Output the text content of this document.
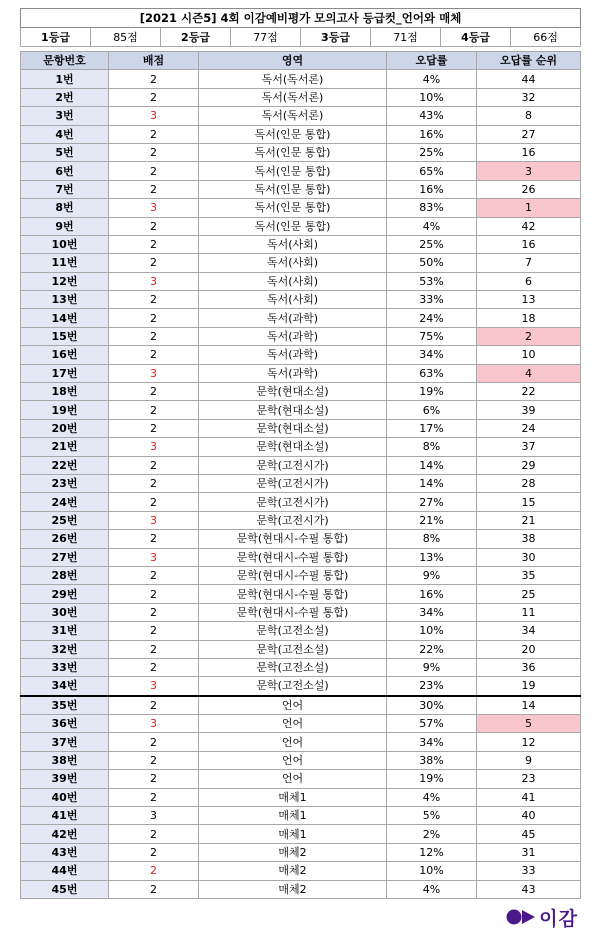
[2021 시즌5] 4회 이감예비평가 모의고사 등급컷_언어와 매체
1등급	85점	2등급	77점	3등급	71점	4등급	66점
문항번호	배점	영역	오답률	오답률 순위
1번	2	독서(독서론)	4%	44
2번	2	독서(독서론)	10%	32
3번	3	독서(독서론)	43%	8
4번	2	독서(인문 통합)	16%	27
5번	2	독서(인문 통합)	25%	16
6번	2	독서(인문 통합)	65%	3
7번	2	독서(인문 통합)	16%	26
8번	3	독서(인문 통합)	83%	1
9번	2	독서(인문 통합)	4%	42
10번	2	독서(사회)	25%	16
11번	2	독서(사회)	50%	7
12번	3	독서(사회)	53%	6
13번	2	독서(사회)	33%	13
14번	2	독서(과학)	24%	18
15번	2	독서(과학)	75%	2
16번	2	독서(과학)	34%	10
17번	3	독서(과학)	63%	4
18번	2	문학(현대소설)	19%	22
19번	2	문학(현대소설)	6%	39
20번	2	문학(현대소설)	17%	24
21번	3	문학(현대소설)	8%	37
22번	2	문학(고전시가)	14%	29
23번	2	문학(고전시가)	14%	28
24번	2	문학(고전시가)	27%	15
25번	3	문학(고전시가)	21%	21
26번	2	문학(현대시-수필 통합)	8%	38
27번	3	문학(현대시-수필 통합)	13%	30
28번	2	문학(현대시-수필 통합)	9%	35
29번	2	문학(현대시-수필 통합)	16%	25
30번	2	문학(현대시-수필 통합)	34%	11
31번	2	문학(고전소설)	10%	34
32번	2	문학(고전소설)	22%	20
33번	2	문학(고전소설)	9%	36
34번	3	문학(고전소설)	23%	19
35번	2	언어	30%	14
36번	3	언어	57%	5
37번	2	언어	34%	12
38번	2	언어	38%	9
39번	2	언어	19%	23
40번	2	매체1	4%	41
41번	3	매체1	5%	40
42번	2	매체1	2%	45
43번	2	매체2	12%	31
44번	2	매체2	10%	33
45번	2	매체2	4%	43
이감
